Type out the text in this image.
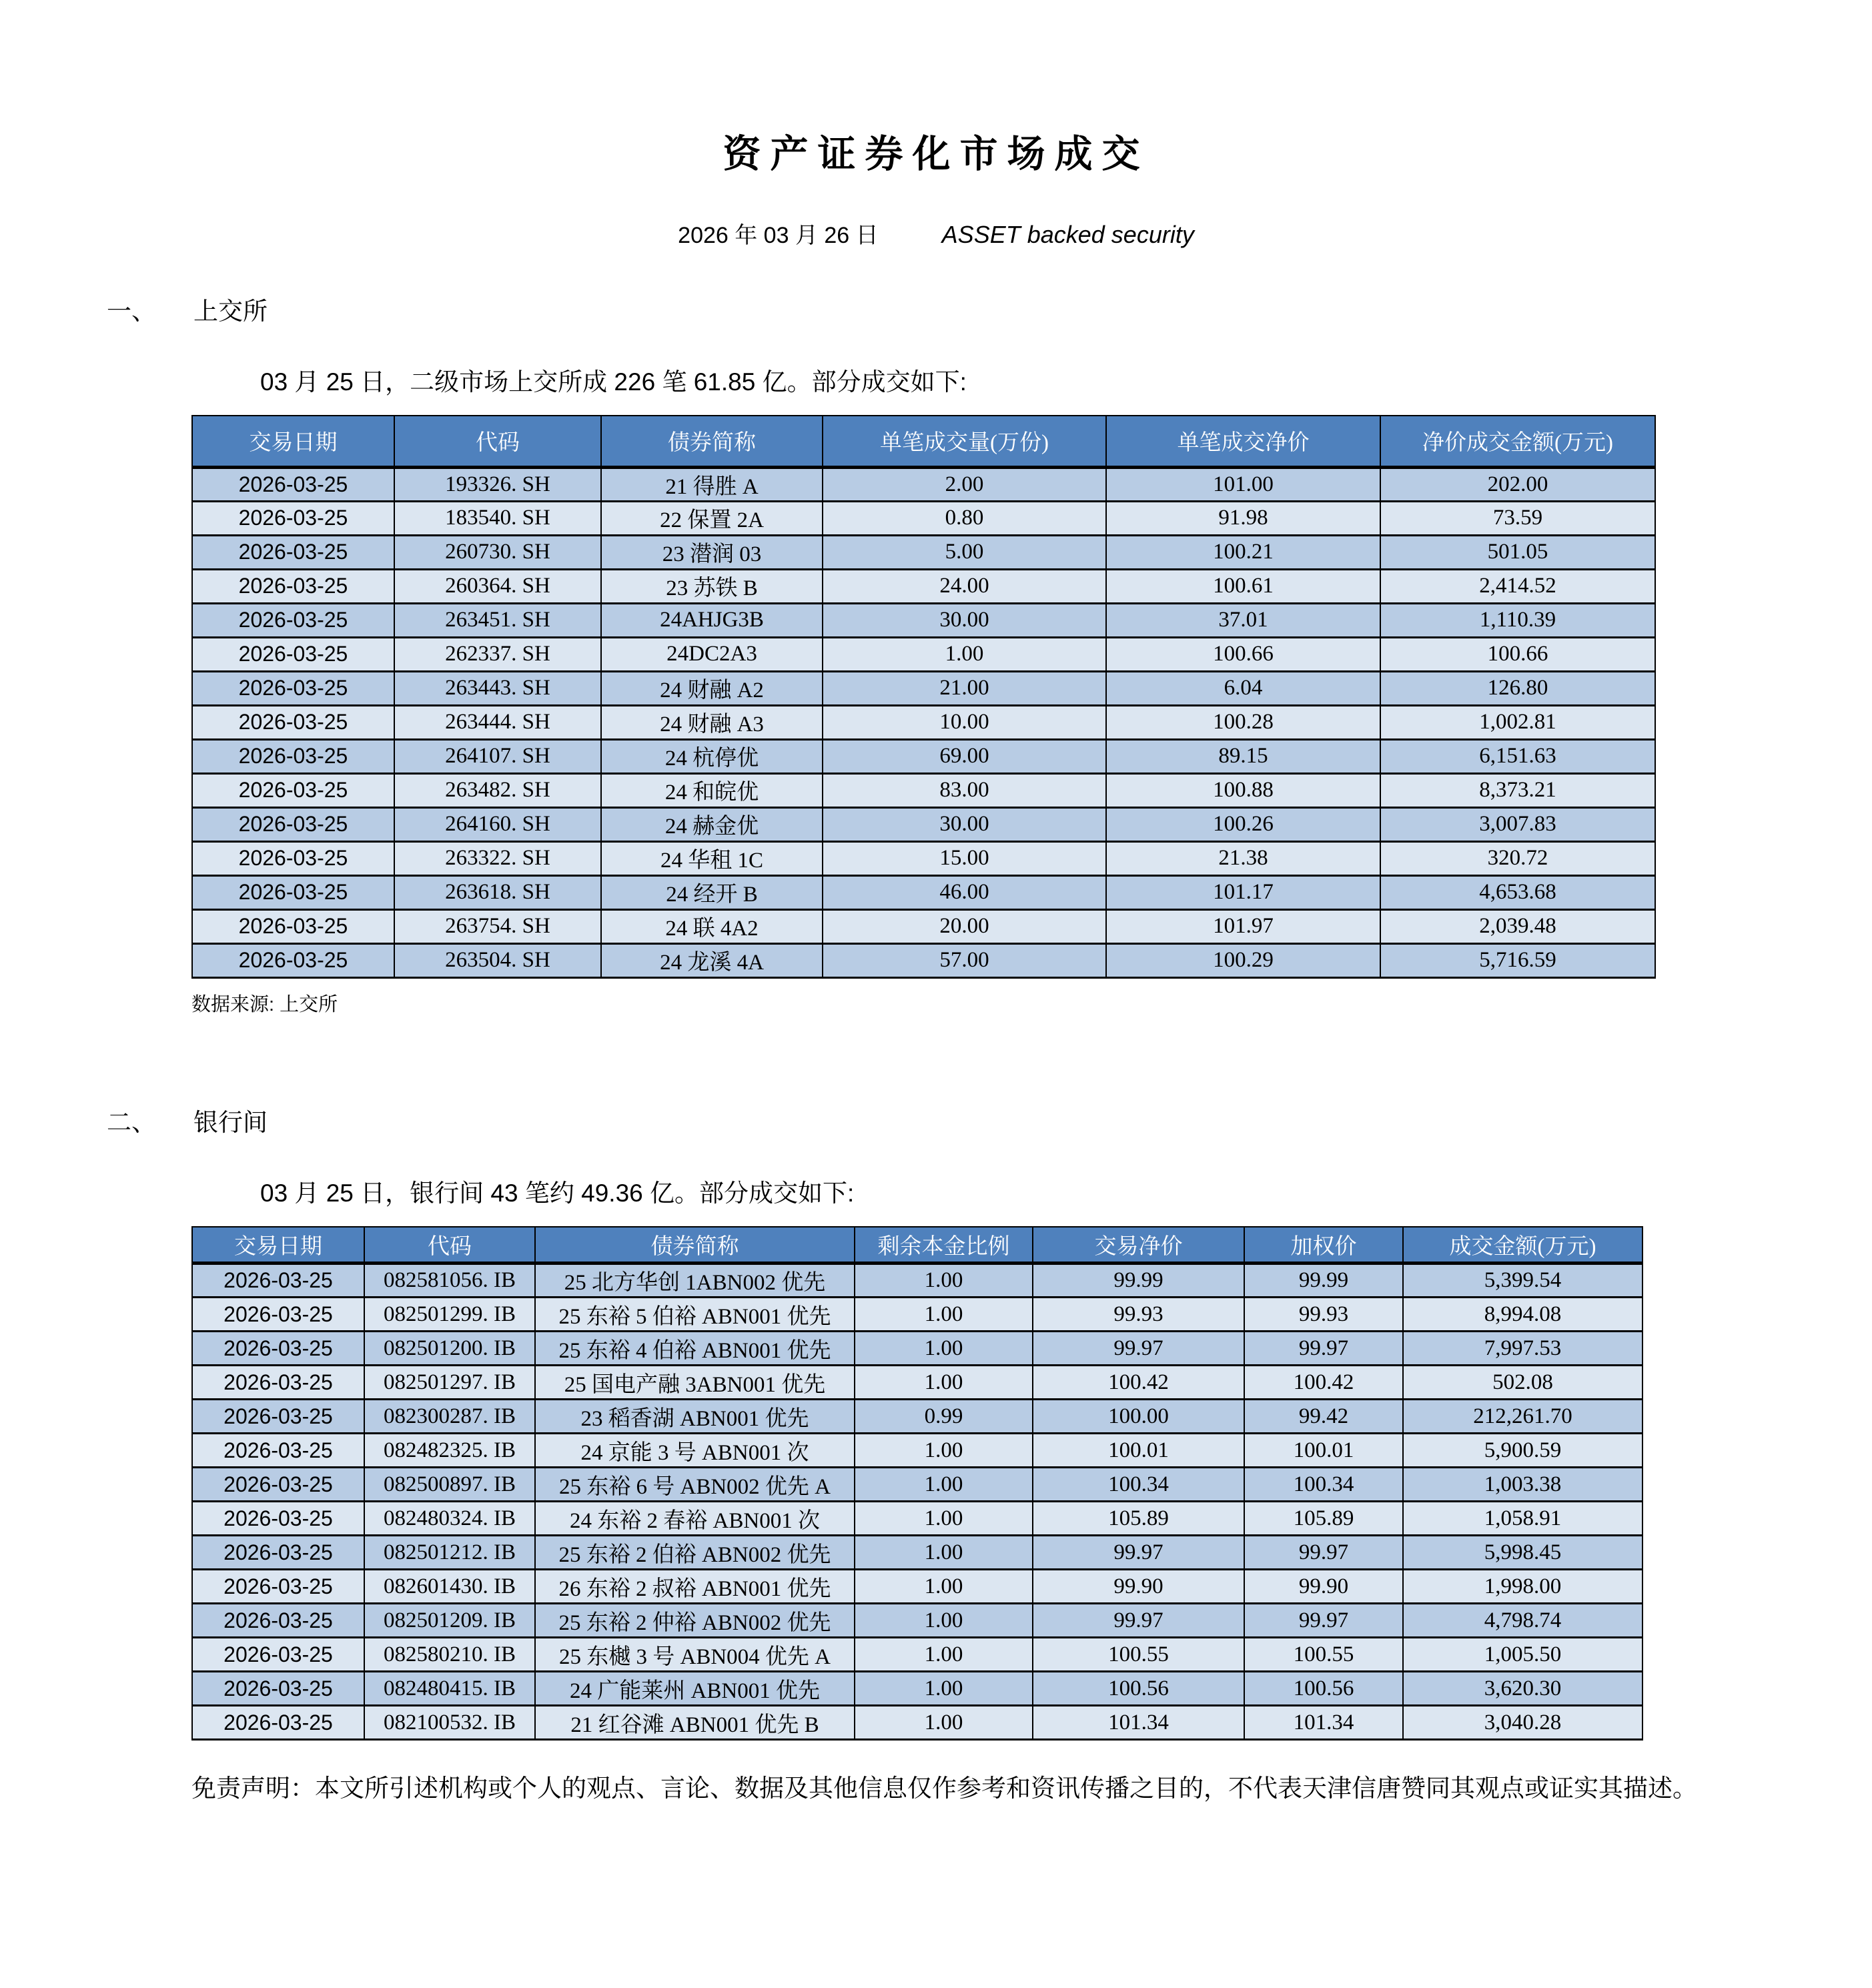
资产证券化市场成交
2026 年 03 月 26 日	ASSET backed security
一、 上交所
03 月 25 日，二级市场上交所成 226 笔 61.85 亿。部分成交如下:
交易日期	代码	债券简称	单笔成交量(万份)	单笔成交净价	净价成交金额(万元)
2026-03-25	193326. SH	21 得胜 A	2.00	101.00	202.00
2026-03-25	183540. SH	22 保置 2A	0.80	91.98	73.59
2026-03-25	260730. SH	23 潜润 03	5.00	100.21	501.05
2026-03-25	260364. SH	23 苏铁 B	24.00	100.61	2,414.52
2026-03-25	263451. SH	24AHJG3B	30.00	37.01	1,110.39
2026-03-25	262337. SH	24DC2A3	1.00	100.66	100.66
2026-03-25	263443. SH	24 财融 A2	21.00	6.04	126.80
2026-03-25	263444. SH	24 财融 A3	10.00	100.28	1,002.81
2026-03-25	264107. SH	24 杭停优	69.00	89.15	6,151.63
2026-03-25	263482. SH	24 和皖优	83.00	100.88	8,373.21
2026-03-25	264160. SH	24 赫金优	30.00	100.26	3,007.83
2026-03-25	263322. SH	24 华租 1C	15.00	21.38	320.72
2026-03-25	263618. SH	24 经开 B	46.00	101.17	4,653.68
2026-03-25	263754. SH	24 联 4A2	20.00	101.97	2,039.48
2026-03-25	263504. SH	24 龙溪 4A	57.00	100.29	5,716.59
数据来源: 上交所
二、 银行间
03 月 25 日，银行间 43 笔约 49.36 亿。部分成交如下:
交易日期	代码	债券简称	剩余本金比例	交易净价	加权价	成交金额(万元)
2026-03-25	082581056. IB	25 北方华创 1ABN002 优先	1.00	99.99	99.99	5,399.54
2026-03-25	082501299. IB	25 东裕 5 伯裕 ABN001 优先	1.00	99.93	99.93	8,994.08
2026-03-25	082501200. IB	25 东裕 4 伯裕 ABN001 优先	1.00	99.97	99.97	7,997.53
2026-03-25	082501297. IB	25 国电产融 3ABN001 优先	1.00	100.42	100.42	502.08
2026-03-25	082300287. IB	23 稻香湖 ABN001 优先	0.99	100.00	99.42	212,261.70
2026-03-25	082482325. IB	24 京能 3 号 ABN001 次	1.00	100.01	100.01	5,900.59
2026-03-25	082500897. IB	25 东裕 6 号 ABN002 优先 A	1.00	100.34	100.34	1,003.38
2026-03-25	082480324. IB	24 东裕 2 春裕 ABN001 次	1.00	105.89	105.89	1,058.91
2026-03-25	082501212. IB	25 东裕 2 伯裕 ABN002 优先	1.00	99.97	99.97	5,998.45
2026-03-25	082601430. IB	26 东裕 2 叔裕 ABN001 优先	1.00	99.90	99.90	1,998.00
2026-03-25	082501209. IB	25 东裕 2 仲裕 ABN002 优先	1.00	99.97	99.97	4,798.74
2026-03-25	082580210. IB	25 东樾 3 号 ABN004 优先 A	1.00	100.55	100.55	1,005.50
2026-03-25	082480415. IB	24 广能莱州 ABN001 优先	1.00	100.56	100.56	3,620.30
2026-03-25	082100532. IB	21 红谷滩 ABN001 优先 B	1.00	101.34	101.34	3,040.28
免责声明：本文所引述机构或个人的观点、言论、数据及其他信息仅作参考和资讯传播之目的，不代表天津信唐赞同其观点或证实其描述。
